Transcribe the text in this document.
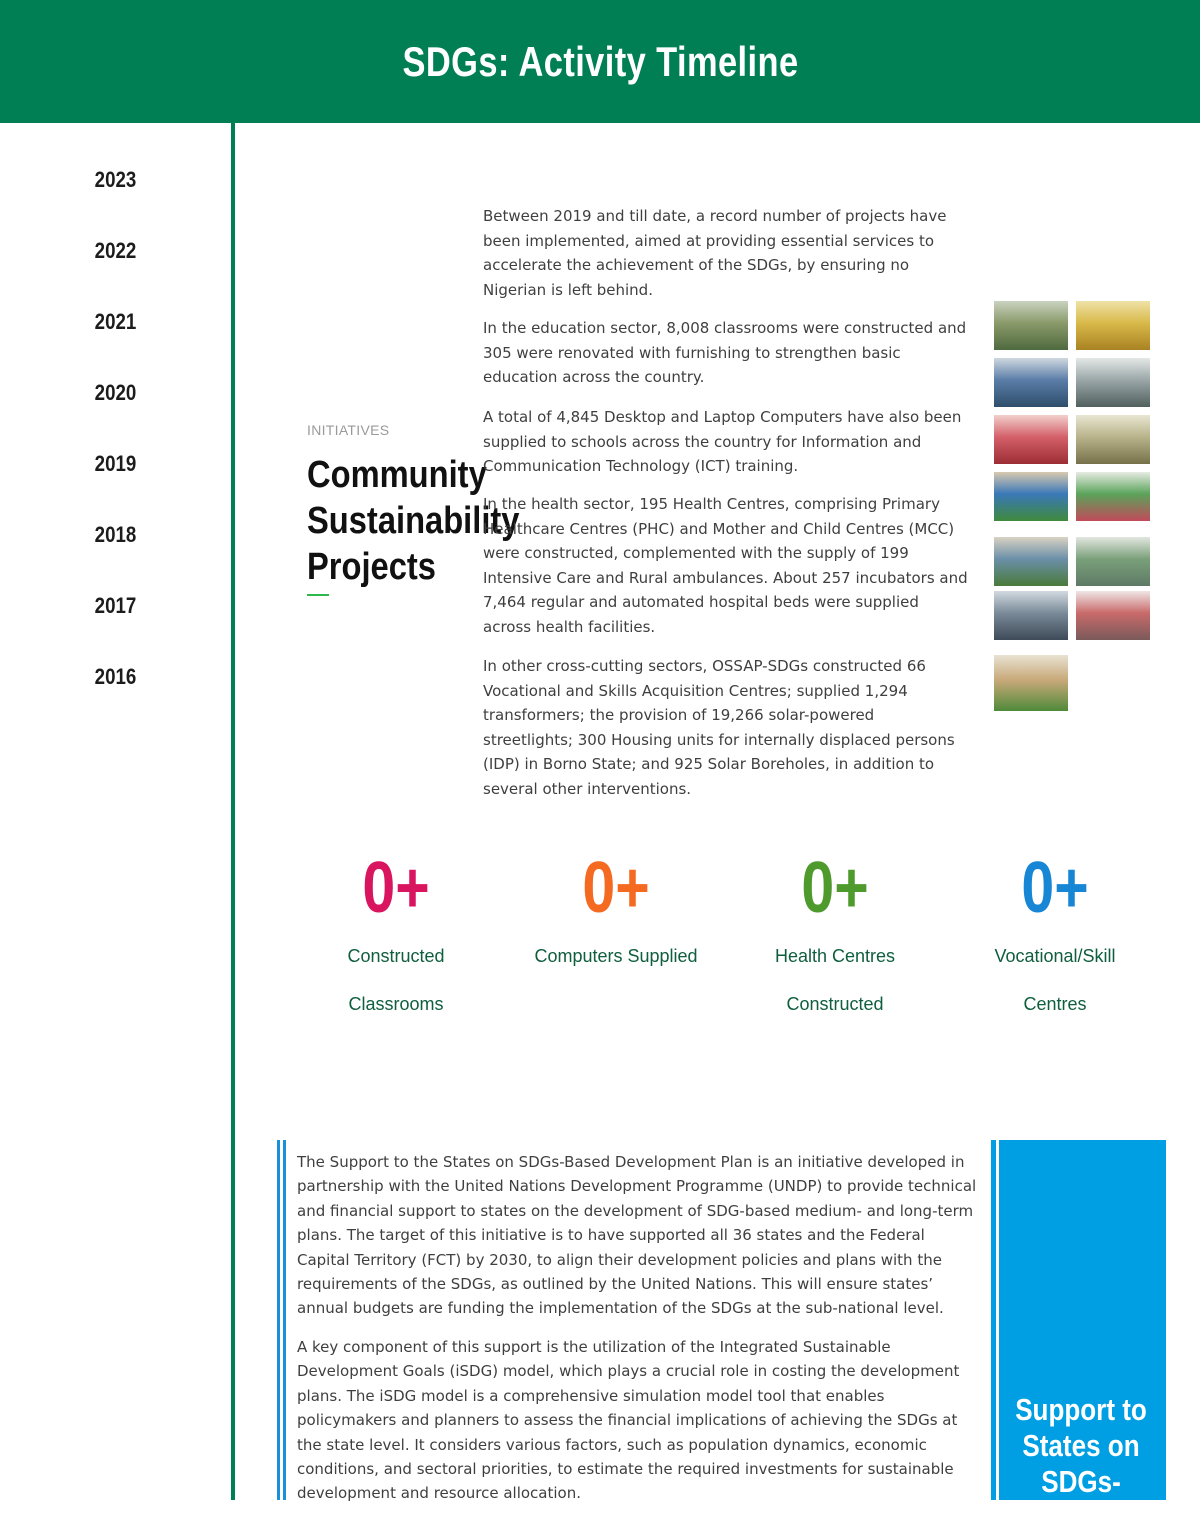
SDGs: Activity Timeline
2023
2022
2021
2020
2019
2018
2017
2016
INITIATIVES
Community Sustainability Projects

Between 2019 and till date, a record number of projects have been implemented, aimed at providing essential services to accelerate the achievement of the SDGs, by ensuring no Nigerian is left behind.

In the education sector, 8,008 classrooms were constructed and 305 were renovated with furnishing to strengthen basic education across the country.

A total of 4,845 Desktop and Laptop Computers have also been supplied to schools across the country for Information and Communication Technology (ICT) training.

In the health sector, 195 Health Centres, comprising Primary Healthcare Centres (PHC) and Mother and Child Centres (MCC) were constructed, complemented with the supply of 199 Intensive Care and Rural ambulances. About 257 incubators and 7,464 regular and automated hospital beds were supplied across health facilities.

In other cross-cutting sectors, OSSAP-SDGs constructed 66 Vocational and Skills Acquisition Centres; supplied 1,294 transformers; the provision of 19,266 solar-powered streetlights; 300 Housing units for internally displaced persons (IDP) in Borno State; and 925 Solar Boreholes, in addition to several other interventions.

0+
Constructed Classrooms
0+
Computers Supplied
0+
Health Centres Constructed
0+
Vocational/Skill Centres

The Support to the States on SDGs-Based Development Plan is an initiative developed in partnership with the United Nations Development Programme (UNDP) to provide technical and financial support to states on the development of SDG-based medium- and long-term plans. The target of this initiative is to have supported all 36 states and the Federal Capital Territory (FCT) by 2030, to align their development policies and plans with the requirements of the SDGs, as outlined by the United Nations. This will ensure states’ annual budgets are funding the implementation of the SDGs at the sub-national level.

A key component of this support is the utilization of the Integrated Sustainable Development Goals (iSDG) model, which plays a crucial role in costing the development plans. The iSDG model is a comprehensive simulation model tool that enables policymakers and planners to assess the financial implications of achieving the SDGs at the state level. It considers various factors, such as population dynamics, economic conditions, and sectoral priorities, to estimate the required investments for sustainable development and resource allocation.

Support to States on SDGs-Based
